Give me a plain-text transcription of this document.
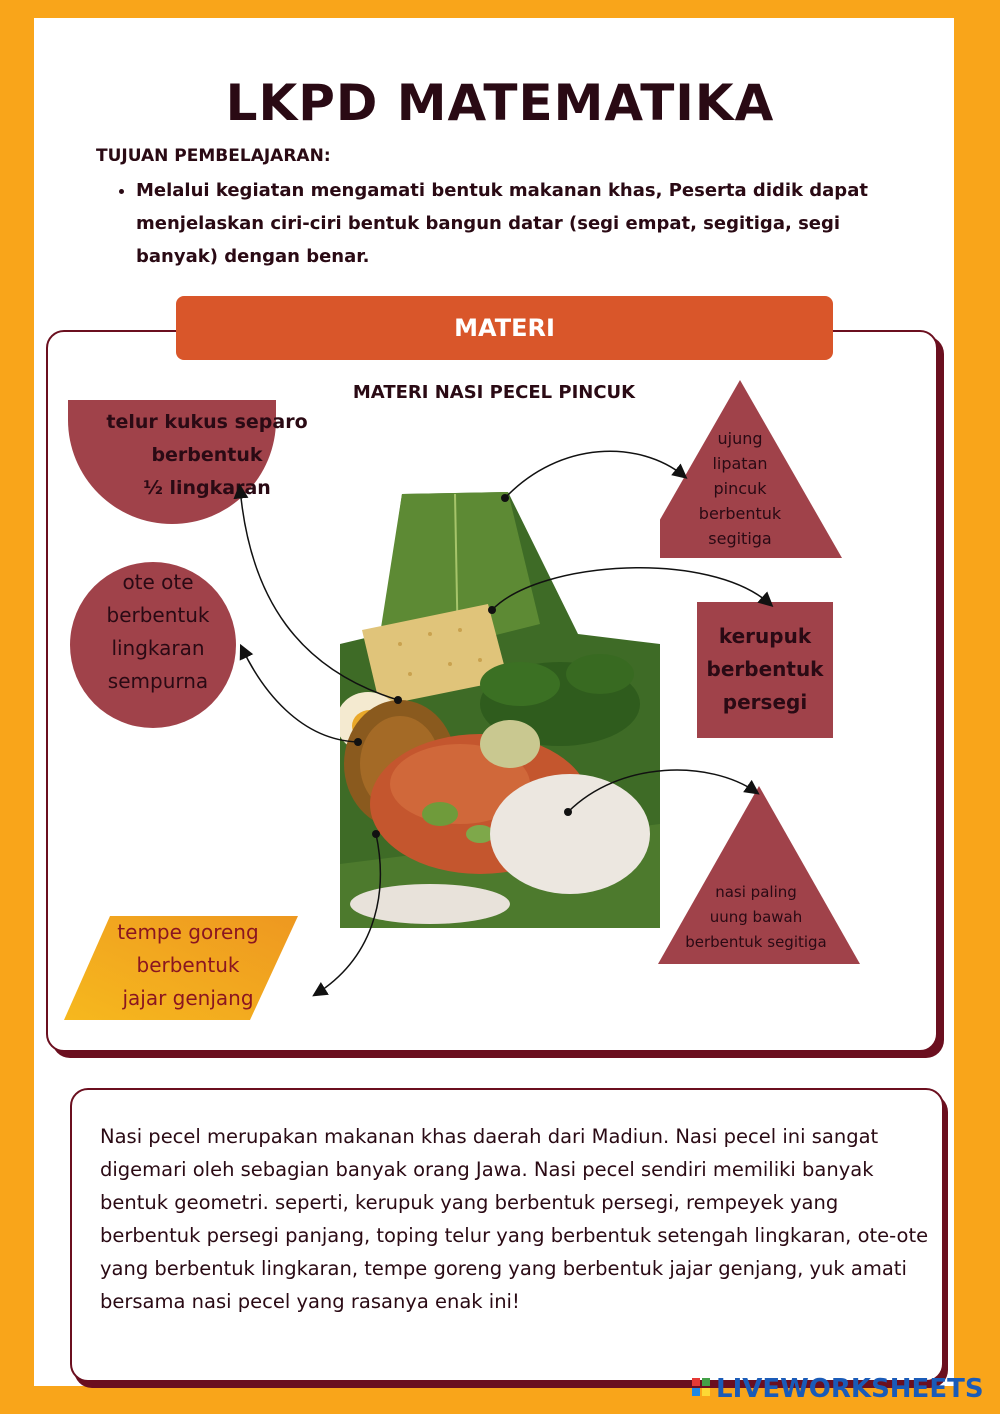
LKPD MATEMATIKA
TUJUAN PEMBELAJARAN:
• Melalui kegiatan mengamati bentuk makanan khas, Peserta didik dapat menjelaskan ciri-ciri bentuk bangun datar (segi empat, segitiga, segi banyak) dengan benar.
MATERI
MATERI NASI PECEL PINCUK
telur kukus separo
berbentuk
½ lingkaran
ote ote
berbentuk
lingkaran
sempurna
tempe goreng
berbentuk
jajar genjang
ujung
lipatan
pincuk
berbentuk
segitiga
kerupuk
berbentuk
persegi
nasi paling
uung bawah
berbentuk segitiga

Nasi pecel merupakan makanan khas daerah dari Madiun. Nasi pecel ini sangat digemari oleh sebagian banyak orang Jawa. Nasi pecel sendiri memiliki banyak bentuk geometri. seperti, kerupuk yang berbentuk persegi, rempeyek yang berbentuk persegi panjang, toping telur yang berbentuk setengah lingkaran, ote-ote yang berbentuk lingkaran, tempe goreng yang berbentuk jajar genjang, yuk amati bersama nasi pecel yang rasanya enak ini!

LIVEWORKSHEETS
